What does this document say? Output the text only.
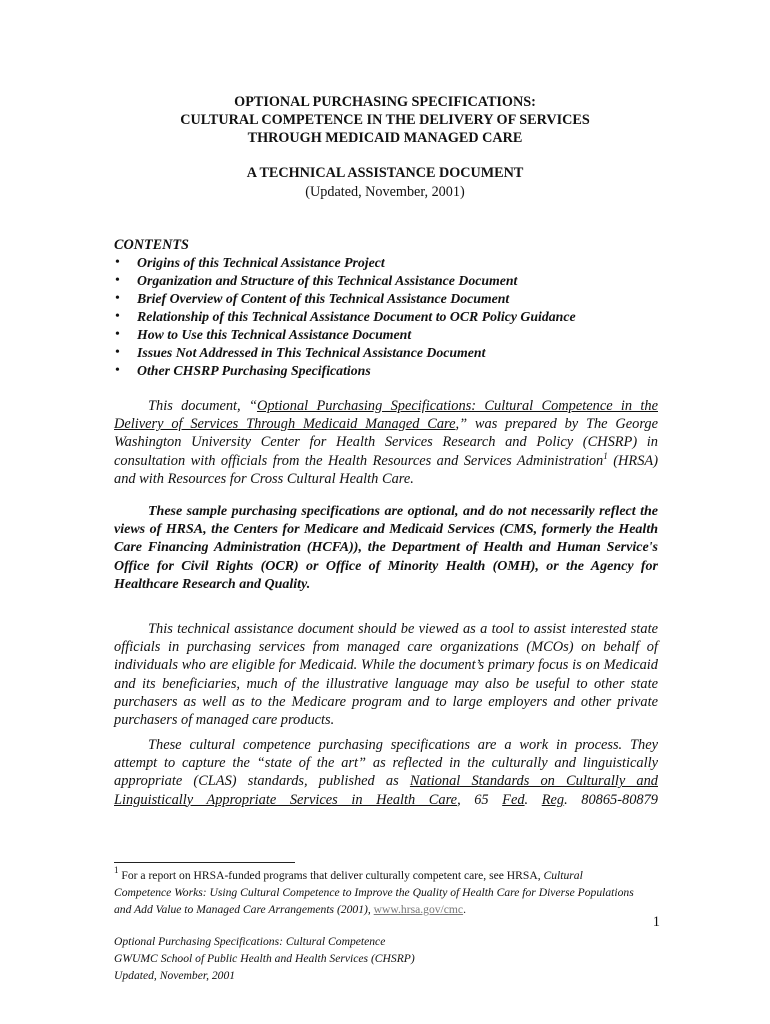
OPTIONAL PURCHASING SPECIFICATIONS:
CULTURAL COMPETENCE IN THE DELIVERY OF SERVICES
THROUGH MEDICAID MANAGED CARE
A TECHNICAL ASSISTANCE DOCUMENT
(Updated, November, 2001)
CONTENTS
• Origins of this Technical Assistance Project
• Organization and Structure of this Technical Assistance Document
• Brief Overview of Content of this Technical Assistance Document
• Relationship of this Technical Assistance Document to OCR Policy Guidance
• How to Use this Technical Assistance Document
• Issues Not Addressed in This Technical Assistance Document
• Other CHSRP Purchasing Specifications
This document, “Optional Purchasing Specifications: Cultural Competence in the Delivery of Services Through Medicaid Managed Care,” was prepared by The George Washington University Center for Health Services Research and Policy (CHSRP) in consultation with officials from the Health Resources and Services Administration$^1$ (HRSA) and with Resources for Cross Cultural Health Care.
These sample purchasing specifications are optional, and do not necessarily reflect the views of HRSA, the Centers for Medicare and Medicaid Services (CMS, formerly the Health Care Financing Administration (HCFA)), the Department of Health and Human Service's Office for Civil Rights (OCR) or Office of Minority Health (OMH), or the Agency for Healthcare Research and Quality.
This technical assistance document should be viewed as a tool to assist interested state officials in purchasing services from managed care organizations (MCOs) on behalf of individuals who are eligible for Medicaid. While the document’s primary focus is on Medicaid and its beneficiaries, much of the illustrative language may also be useful to other state purchasers as well as to the Medicare program and to large employers and other private purchasers of managed care products.
These cultural competence purchasing specifications are a work in process. They attempt to capture the “state of the art” as reflected in the culturally and linguistically appropriate (CLAS) standards, published as National Standards on Culturally and Linguistically Appropriate Services in Health Care, 65 Fed. Reg. 80865-80879
$^1$ For a report on HRSA-funded programs that deliver culturally competent care, see HRSA, Cultural Competence Works: Using Cultural Competence to Improve the Quality of Health Care for Diverse Populations and Add Value to Managed Care Arrangements (2001), www.hrsa.gov/cmc.
1
Optional Purchasing Specifications: Cultural Competence
GWUMC School of Public Health and Health Services (CHSRP)
Updated, November, 2001
